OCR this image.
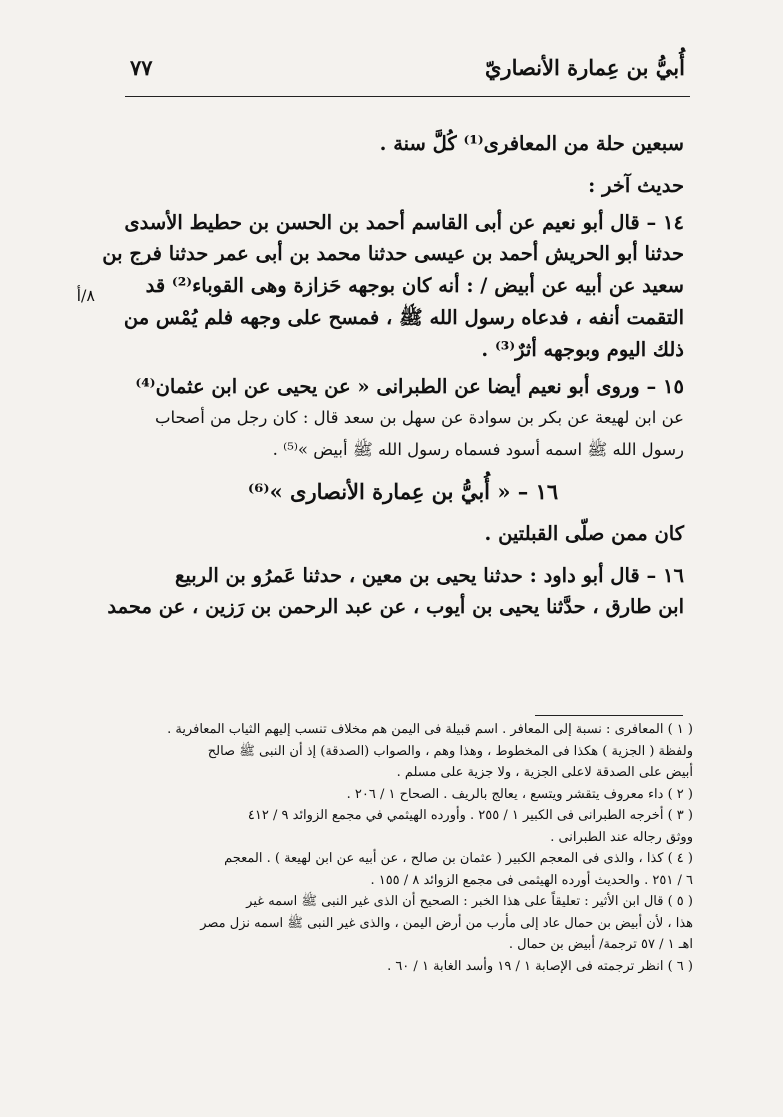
أُبيُّ بن عِمارة الأنصاريّ
٧٧
٨/أ
سبعين حلة من المعافرى⁽¹⁾ كُلَّ سنة .
حديث آخر :
١٤ – قال أبو نعيم عن أبى القاسم أحمد بن الحسن بن حطيط الأسدى
حدثنا أبو الحريش أحمد بن عيسى حدثنا محمد بن أبى عمر حدثنا فرج بن
سعيد عن أبيه عن أبيض / : أنه كان بوجهه حَزازة وهى القوباء⁽²⁾ قد
التقمت أنفه ، فدعاه رسول الله ﷺ ، فمسح على وجهه فلم يُمْس من
ذلك اليوم وبوجهه أثرٌ⁽³⁾ .
١٥ – وروى أبو نعيم أيضا عن الطبرانى « عن يحيى عن ابن عثمان⁽⁴⁾
عن ابن لهيعة عن بكر بن سوادة عن سهل بن سعد قال : كان رجل من أصحاب
رسول الله ﷺ اسمه أسود فسماه رسول الله ﷺ أبيض »⁽⁵⁾ .
١٦ – « أُبيُّ بن عِمارة الأنصارى »⁽⁶⁾
كان ممن صلّى القبلتين .
١٦ – قال أبو داود : حدثنا يحيى بن معين ، حدثنا عَمرُو بن الربيع
ابن طارق ، حدَّثنا يحيى بن أيوب ، عن عبد الرحمن بن رَزين ، عن محمد
( ١ ) المعافرى : نسبة إلى المعافر . اسم قبيلة فى اليمن هم مخلاف تنسب إليهم الثياب المعافرية .
ولفظة ( الجزية ) هكذا فى المخطوط ، وهذا وهم ، والصواب (الصدقة) إذ أن النبى ﷺ صالح
أبيض على الصدقة لاعلى الجزية ، ولا جزية على مسلم .
( ٢ ) داء معروف يتقشر ويتسع ، يعالج بالريف . الصحاح ١ / ٢٠٦ .
( ٣ ) أخرجه الطبرانى فى الكبير ١ / ٢٥٥ . وأورده الهيثمي في مجمع الزوائد ٩ / ٤١٢
ووثق رجاله عند الطبرانى .
( ٤ ) كذا ، والذى فى المعجم الكبير ( عثمان بن صالح ، عن أبيه عن ابن لهيعة ) . المعجم
٦ / ٢٥١ . والحديث أورده الهيثمى فى مجمع الزوائد ٨ / ١٥٥ .
( ٥ ) قال ابن الأثير : تعليقاً على هذا الخبر : الصحيح أن الذى غير النبى ﷺ اسمه غير
هذا ، لأن أبيض بن حمال عاد إلى مأرب من أرض اليمن ، والذى غير النبى ﷺ اسمه نزل مصر
اهـ ١ / ٥٧ ترجمة/ أبيض بن حمال .
( ٦ ) انظر ترجمته فى الإصابة ١ / ١٩ وأسد الغابة ١ / ٦٠ .
